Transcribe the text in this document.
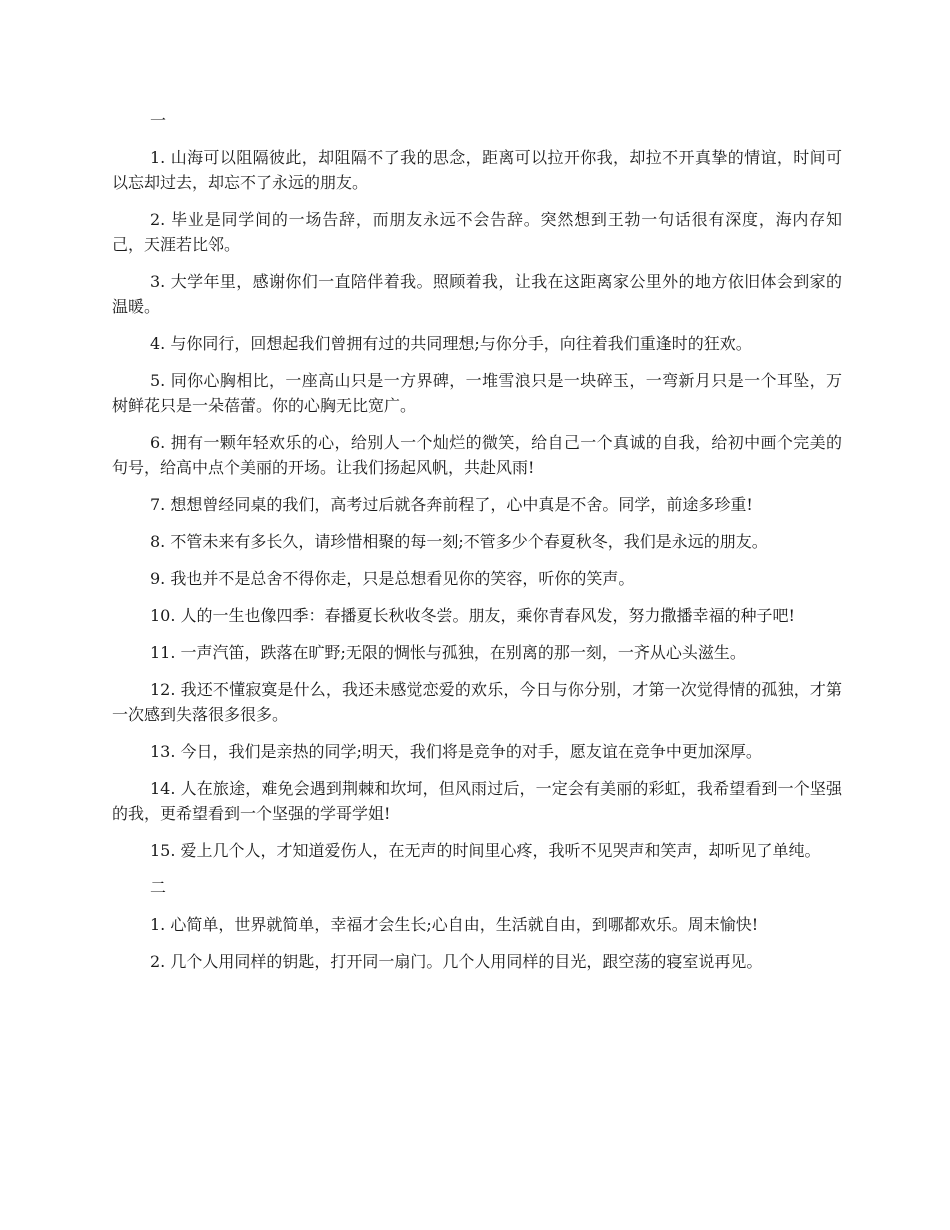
一

1. 山海可以阻隔彼此，却阻隔不了我的思念，距离可以拉开你我，却拉不开真挚的情谊，时间可以忘却过去，却忘不了永远的朋友。

2. 毕业是同学间的一场告辞，而朋友永远不会告辞。突然想到王勃一句话很有深度，海内存知己，天涯若比邻。

3. 大学年里，感谢你们一直陪伴着我。照顾着我，让我在这距离家公里外的地方依旧体会到家的温暖。

4. 与你同行，回想起我们曾拥有过的共同理想;与你分手，向往着我们重逢时的狂欢。

5. 同你心胸相比，一座高山只是一方界碑，一堆雪浪只是一块碎玉，一弯新月只是一个耳坠，万树鲜花只是一朵蓓蕾。你的心胸无比宽广。

6. 拥有一颗年轻欢乐的心，给别人一个灿烂的微笑，给自己一个真诚的自我，给初中画个完美的句号，给高中点个美丽的开场。让我们扬起风帆，共赴风雨!

7. 想想曾经同桌的我们，高考过后就各奔前程了，心中真是不舍。同学，前途多珍重!

8. 不管未来有多长久，请珍惜相聚的每一刻;不管多少个春夏秋冬，我们是永远的朋友。

9. 我也并不是总舍不得你走，只是总想看见你的笑容，听你的笑声。

10. 人的一生也像四季：春播夏长秋收冬尝。朋友，乘你青春风发，努力撒播幸福的种子吧!

11. 一声汽笛，跌落在旷野;无限的惆怅与孤独，在别离的那一刻，一齐从心头滋生。

12. 我还不懂寂寞是什么，我还未感觉恋爱的欢乐，今日与你分别，才第一次觉得情的孤独，才第一次感到失落很多很多。

13. 今日，我们是亲热的同学;明天，我们将是竞争的对手，愿友谊在竞争中更加深厚。

14. 人在旅途，难免会遇到荆棘和坎坷，但风雨过后，一定会有美丽的彩虹，我希望看到一个坚强的我，更希望看到一个坚强的学哥学姐!

15. 爱上几个人，才知道爱伤人，在无声的时间里心疼，我听不见哭声和笑声，却听见了单纯。

二

1. 心简单，世界就简单，幸福才会生长;心自由，生活就自由，到哪都欢乐。周末愉快!

2. 几个人用同样的钥匙，打开同一扇门。几个人用同样的目光，跟空荡的寝室说再见。
